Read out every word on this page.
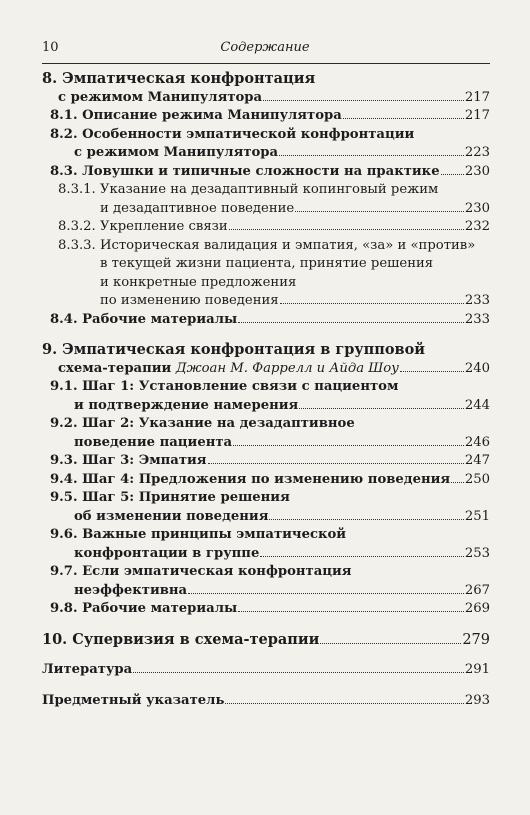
10	Содержание
8. Эмпатическая конфронтация
с режимом Манипулятора	217
8.1. Описание режима Манипулятора	217
8.2. Особенности эмпатической конфронтации
с режимом Манипулятора	223
8.3. Ловушки и типичные сложности на практике 230
8.3.1. Указание на дезадаптивный копинговый режим
и дезадаптивное поведение	230
8.3.2. Укрепление связи	232
8.3.3. Историческая валидация и эмпатия, «за» и «против»
в текущей жизни пациента, принятие решения
и конкретные предложения
по изменению поведения	233
8.4. Рабочие материалы	233
9. Эмпатическая конфронтация в групповой
схема-терапии Джоан М. Фаррелл и Айда Шоу	240
9.1. Шаг 1: Установление связи с пациентом
и подтверждение намерения	244
9.2. Шаг 2: Указание на дезадаптивное
поведение пациента	246
9.3. Шаг 3: Эмпатия	247
9.4. Шаг 4: Предложения по изменению поведения 250
9.5. Шаг 5: Принятие решения
об изменении поведения	251
9.6. Важные принципы эмпатической
конфронтации в группе	253
9.7. Если эмпатическая конфронтация
неэффективна	267
9.8. Рабочие материалы	269
10. Супервизия в схема-терапии	279
Литература	291
Предметный указатель	293
